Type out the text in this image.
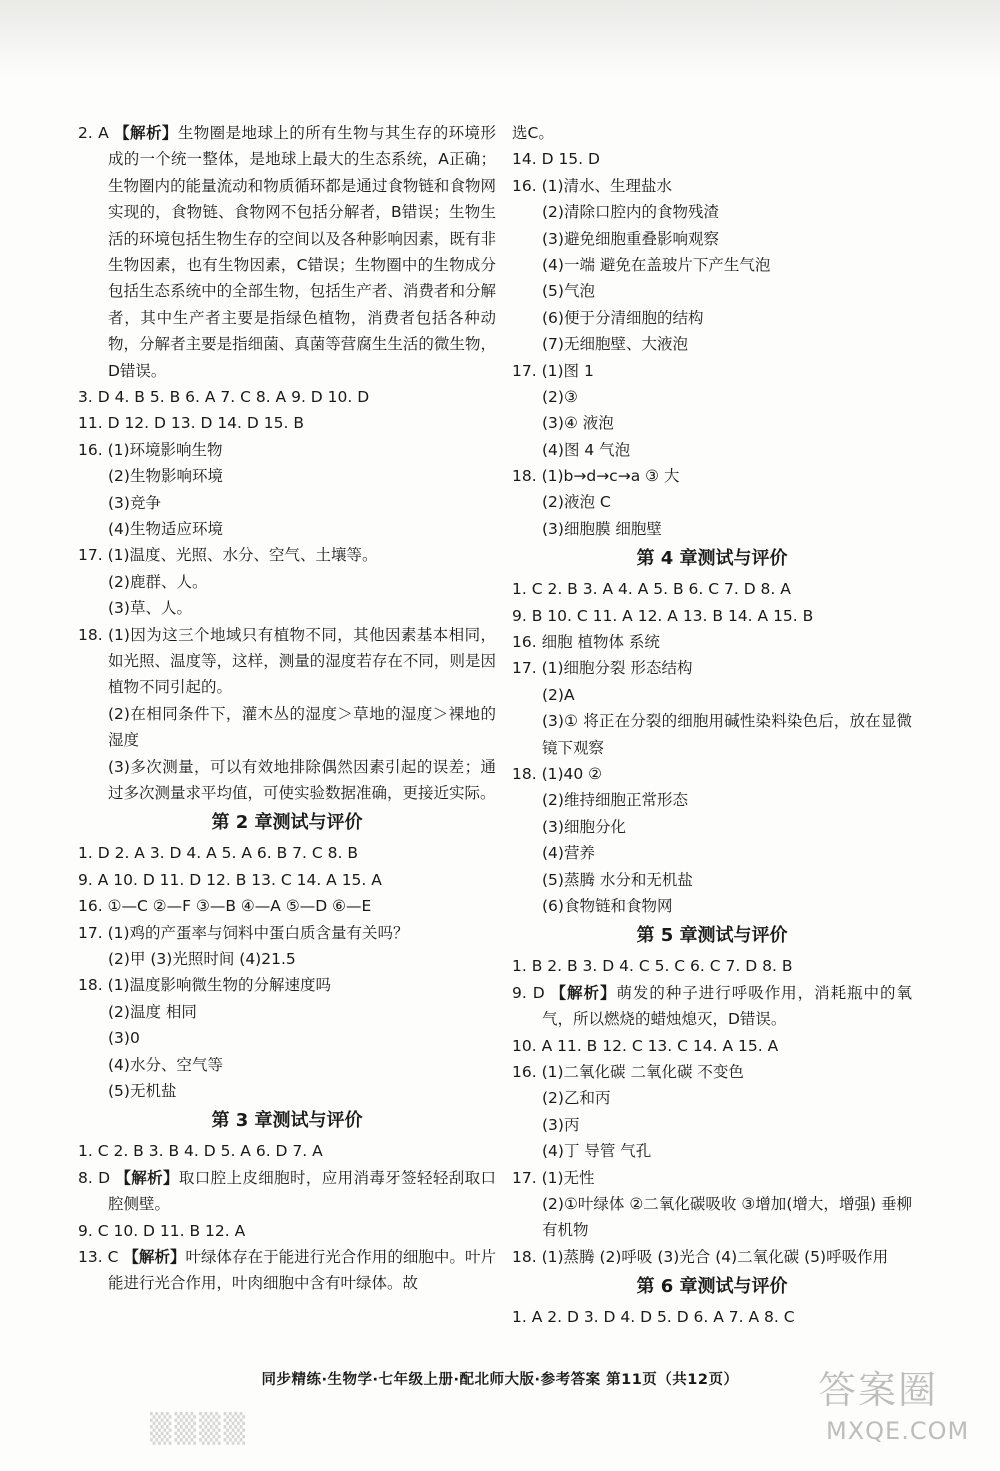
2. A 【解析】生物圈是地球上的所有生物与其生存的环境形成的一个统一整体，是地球上最大的生态系统，A正确；生物圈内的能量流动和物质循环都是通过食物链和食物网实现的，食物链、食物网不包括分解者，B错误；生物生活的环境包括生物生存的空间以及各种影响因素，既有非生物因素，也有生物因素，C错误；生物圈中的生物成分包括生态系统中的全部生物，包括生产者、消费者和分解者，其中生产者主要是指绿色植物，消费者包括各种动物，分解者主要是指细菌、真菌等营腐生生活的微生物，D错误。
3. D 4. B 5. B 6. A 7. C 8. A 9. D 10. D
11. D 12. D 13. D 14. D 15. B
16. (1)环境影响生物
(2)生物影响环境
(3)竞争
(4)生物适应环境
17. (1)温度、光照、水分、空气、土壤等。
(2)鹿群、人。
(3)草、人。
18. (1)因为这三个地域只有植物不同，其他因素基本相同，如光照、温度等，这样，测量的湿度若存在不同，则是因植物不同引起的。
(2)在相同条件下，灌木丛的湿度＞草地的湿度＞裸地的湿度
(3)多次测量，可以有效地排除偶然因素引起的误差；通过多次测量求平均值，可使实验数据准确，更接近实际。
第 2 章测试与评价
1. D 2. A 3. D 4. A 5. A 6. B 7. C 8. B
9. A 10. D 11. D 12. B 13. C 14. A 15. A
16. ①—C ②—F ③—B ④—A ⑤—D ⑥—E
17. (1)鸡的产蛋率与饲料中蛋白质含量有关吗？
(2)甲 (3)光照时间 (4)21.5
18. (1)温度影响微生物的分解速度吗
(2)温度 相同
(3)0
(4)水分、空气等
(5)无机盐
第 3 章测试与评价
1. C 2. B 3. B 4. D 5. A 6. D 7. A
8. D 【解析】取口腔上皮细胞时，应用消毒牙签轻轻刮取口腔侧壁。
9. C 10. D 11. B 12. A
13. C 【解析】叶绿体存在于能进行光合作用的细胞中。叶片能进行光合作用，叶肉细胞中含有叶绿体。故
选C。
14. D 15. D
16. (1)清水、生理盐水
(2)清除口腔内的食物残渣
(3)避免细胞重叠影响观察
(4)一端 避免在盖玻片下产生气泡
(5)气泡
(6)便于分清细胞的结构
(7)无细胞壁、大液泡
17. (1)图 1
(2)③
(3)④ 液泡
(4)图 4 气泡
18. (1)b→d→c→a ③ 大
(2)液泡 C
(3)细胞膜 细胞壁
第 4 章测试与评价
1. C 2. B 3. A 4. A 5. B 6. C 7. D 8. A
9. B 10. C 11. A 12. A 13. B 14. A 15. B
16. 细胞 植物体 系统
17. (1)细胞分裂 形态结构
(2)A
(3)① 将正在分裂的细胞用碱性染料染色后，放在显微镜下观察
18. (1)40 ②
(2)维持细胞正常形态
(3)细胞分化
(4)营养
(5)蒸腾 水分和无机盐
(6)食物链和食物网
第 5 章测试与评价
1. B 2. B 3. D 4. C 5. C 6. C 7. D 8. B
9. D 【解析】萌发的种子进行呼吸作用，消耗瓶中的氧气，所以燃烧的蜡烛熄灭，D错误。
10. A 11. B 12. C 13. C 14. A 15. A
16. (1)二氧化碳 二氧化碳 不变色
(2)乙和丙
(3)丙
(4)丁 导管 气孔
17. (1)无性
(2)①叶绿体 ②二氧化碳吸收 ③增加(增大，增强) 垂柳 有机物
18. (1)蒸腾 (2)呼吸 (3)光合 (4)二氧化碳 (5)呼吸作用
第 6 章测试与评价
1. A 2. D 3. D 4. D 5. D 6. A 7. A 8. C
同步精练·生物学·七年级上册·配北师大版·参考答案 第11页（共12页）
▒▒▒▒
答案圈
MXQE.COM
